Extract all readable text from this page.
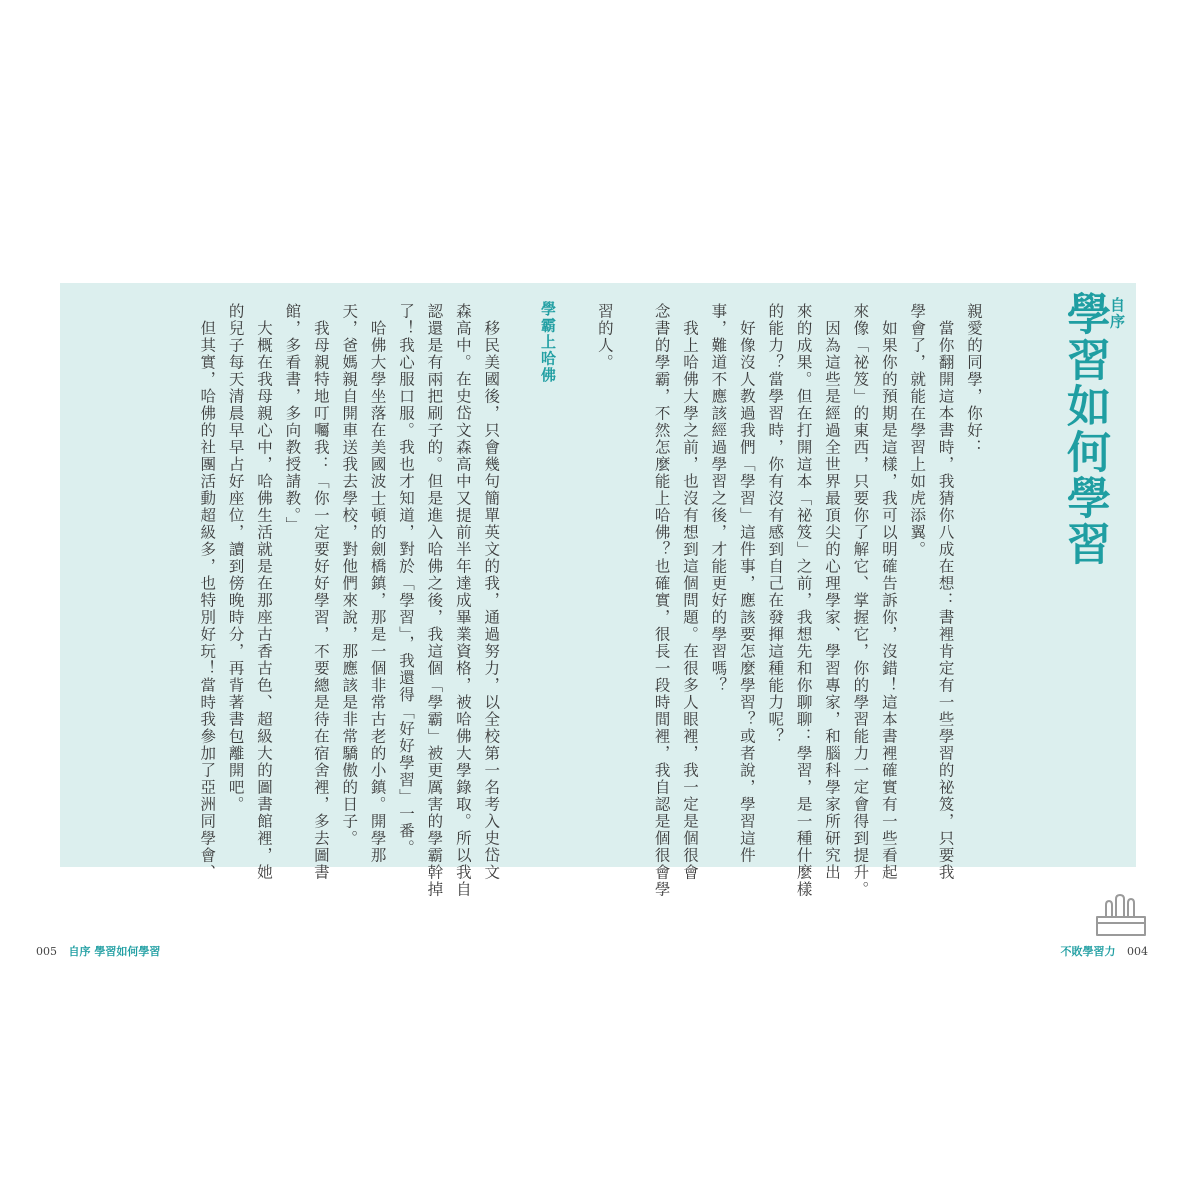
自序
學習如何學習
親愛的同學，你好：
　當你翻開這本書時，我猜你八成在想：書裡肯定有一些學習的祕笈，只要我
學會了，就能在學習上如虎添翼。
　如果你的預期是這樣，我可以明確告訴你，沒錯！這本書裡確實有一些看起
來像「祕笈」的東西，只要你了解它、掌握它，你的學習能力一定會得到提升。
　因為這些是經過全世界最頂尖的心理學家、學習專家，和腦科學家所研究出
來的成果。但在打開這本「祕笈」之前，我想先和你聊聊：學習，是一種什麼樣
的能力？當學習時，你有沒有感到自己在發揮這種能力呢？
　好像沒人教過我們「學習」這件事，應該要怎麼學習？或者說，學習這件
事，難道不應該經過學習之後，才能更好的學習嗎？
　我上哈佛大學之前，也沒有想到這個問題。在很多人眼裡，我一定是個很會
念書的學霸，不然怎麼能上哈佛？也確實，很長一段時間裡，我自認是個很會學
習的人。
學霸上哈佛
　移民美國後，只會幾句簡單英文的我，通過努力，以全校第一名考入史岱文
森高中。在史岱文森高中又提前半年達成畢業資格，被哈佛大學錄取。所以我自
認還是有兩把刷子的。但是進入哈佛之後，我這個「學霸」被更厲害的學霸幹掉
了！我心服口服。我也才知道，對於「學習」，我還得「好好學習」一番。
　哈佛大學坐落在美國波士頓的劍橋鎮，那是一個非常古老的小鎮。開學那
天，爸媽親自開車送我去學校，對他們來說，那應該是非常驕傲的日子。
　我母親特地叮囑我：「你一定要好好學習，不要總是待在宿舍裡，多去圖書
館，多看書，多向教授請教。」
　大概在我母親心中，哈佛生活就是在那座古香古色、超級大的圖書館裡，她
的兒子每天清晨早早占好座位，讀到傍晚時分，再背著書包離開吧。
　但其實，哈佛的社團活動超級多，也特別好玩！當時我參加了亞洲同學會、
005 自序 學習如何學習	不敗學習力 004
